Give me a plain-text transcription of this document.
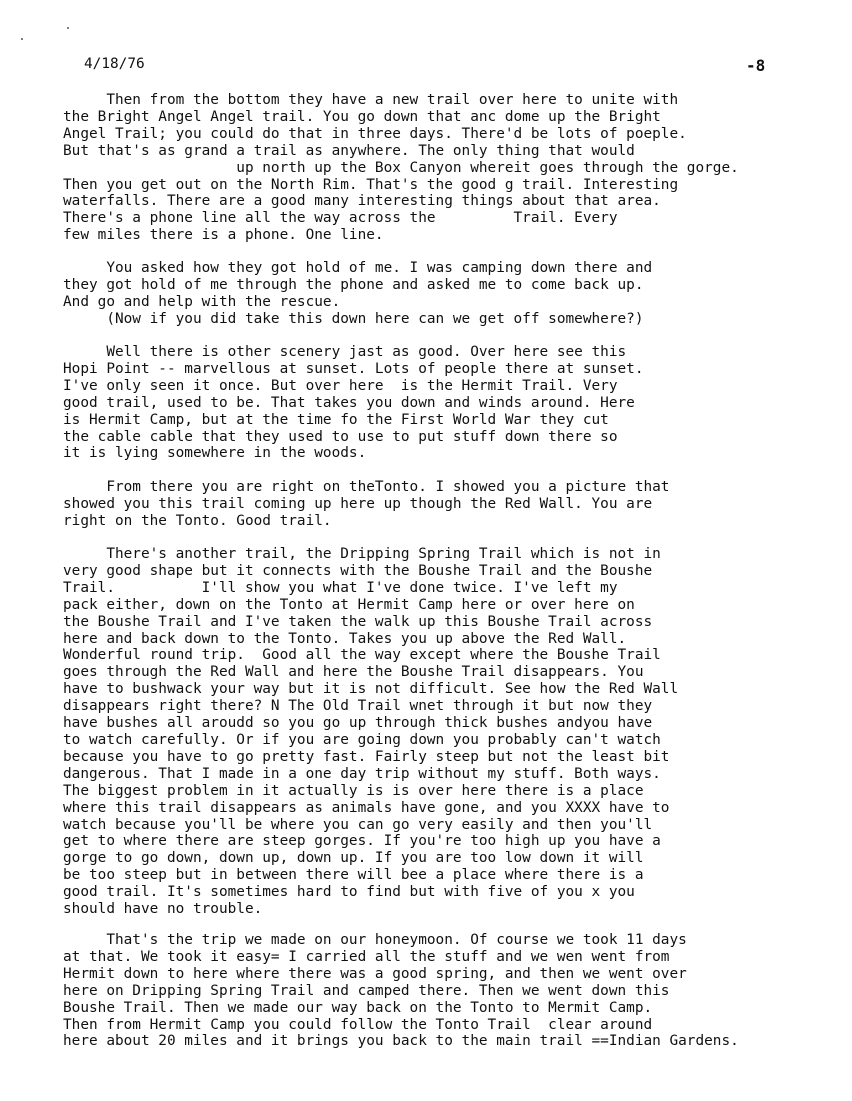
4/18/76	-8

Then from the bottom they have a new trail over here to unite with
the Bright Angel Angel trail. You go down that anc dome up the Bright
Angel Trail; you could do that in three days. There'd be lots of poeple.
But that's as grand a trail as anywhere. The only thing that would
up north up the Box Canyon whereit goes through the gorge.
Then you get out on the North Rim. That's the good g trail. Interesting
waterfalls. There are a good many interesting things about that area.
There's a phone line all the way across the         Trail. Every
few miles there is a phone. One line.

You asked how they got hold of me. I was camping down there and
they got hold of me through the phone and asked me to come back up.
And go and help with the rescue.
(Now if you did take this down here can we get off somewhere?)

Well there is other scenery jast as good. Over here see this
Hopi Point -- marvellous at sunset. Lots of people there at sunset.
I've only seen it once. But over here  is the Hermit Trail. Very
good trail, used to be. That takes you down and winds around. Here
is Hermit Camp, but at the time fo the First World War they cut
the cable cable that they used to use to put stuff down there so
it is lying somewhere in the woods.

From there you are right on theTonto. I showed you a picture that
showed you this trail coming up here up though the Red Wall. You are
right on the Tonto. Good trail.

There's another trail, the Dripping Spring Trail which is not in
very good shape but it connects with the Boushe Trail and the Boushe
Trail.          I'll show you what I've done twice. I've left my
pack either, down on the Tonto at Hermit Camp here or over here on
the Boushe Trail and I've taken the walk up this Boushe Trail across
here and back down to the Tonto. Takes you up above the Red Wall.
Wonderful round trip.  Good all the way except where the Boushe Trail
goes through the Red Wall and here the Boushe Trail disappears. You
have to bushwack your way but it is not difficult. See how the Red Wall
disappears right there? N The Old Trail wnet through it but now they
have bushes all aroudd so you go up through thick bushes andyou have
to watch carefully. Or if you are going down you probably can't watch
because you have to go pretty fast. Fairly steep but not the least bit
dangerous. That I made in a one day trip without my stuff. Both ways.
The biggest problem in it actually is is over here there is a place
where this trail disappears as animals have gone, and you XXXX have to
watch because you'll be where you can go very easily and then you'll
get to where there are steep gorges. If you're too high up you have a
gorge to go down, down up, down up. If you are too low down it will
be too steep but in between there will bee a place where there is a
good trail. It's sometimes hard to find but with five of you x you
should have no trouble.

That's the trip we made on our honeymoon. Of course we took 11 days
at that. We took it easy= I carried all the stuff and we wen went from
Hermit down to here where there was a good spring, and then we went over
here on Dripping Spring Trail and camped there. Then we went down this
Boushe Trail. Then we made our way back on the Tonto to Mermit Camp.
Then from Hermit Camp you could follow the Tonto Trail  clear around
here about 20 miles and it brings you back to the main trail ==Indian Gardens.
